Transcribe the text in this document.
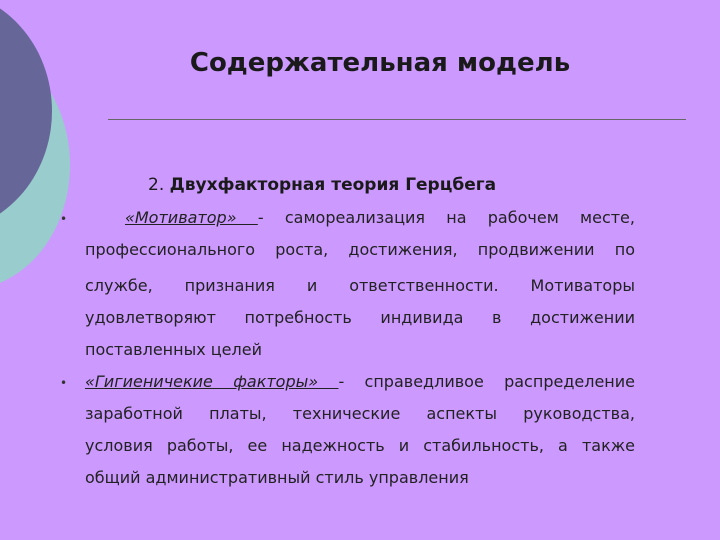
Содержательная модель
2. Двухфакторная теория Герцбега
•	«Мотиватор» - самореализация на рабочем месте,
профессионального роста, достижения, продвижении по
службе, признания и ответственности. Мотиваторы
удовлетворяют потребность индивида в достижении
поставленных целей
• «Гигиеничекие факторы» - справедливое распределение
заработной платы, технические аспекты руководства,
условия работы, ее надежность и стабильность, а также
общий административный стиль управления
